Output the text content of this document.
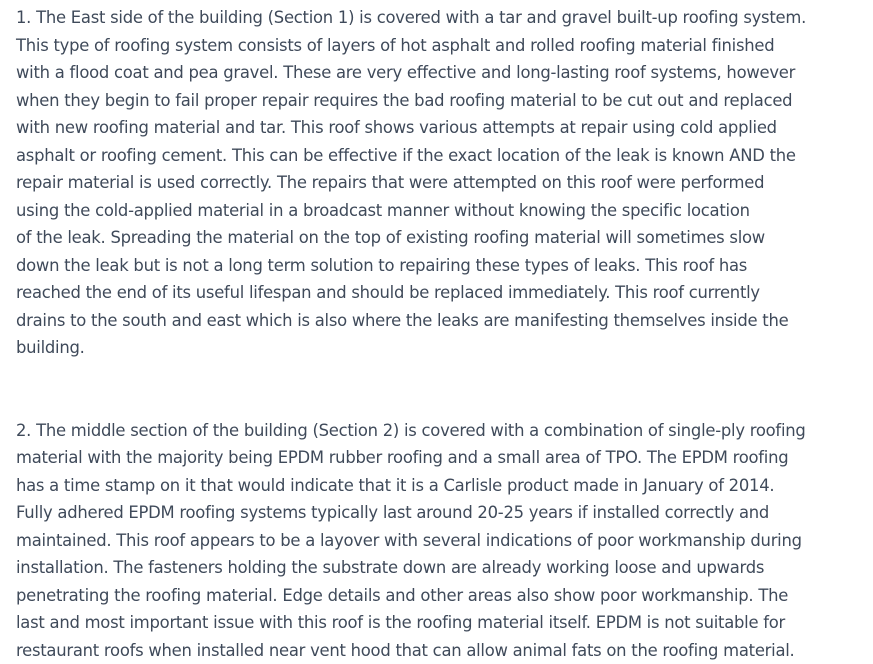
1. The East side of the building (Section 1) is covered with a tar and gravel built-up roofing system.
This type of roofing system consists of layers of hot asphalt and rolled roofing material finished
with a flood coat and pea gravel. These are very effective and long-lasting roof systems, however
when they begin to fail proper repair requires the bad roofing material to be cut out and replaced
with new roofing material and tar. This roof shows various attempts at repair using cold applied
asphalt or roofing cement. This can be effective if the exact location of the leak is known AND the
repair material is used correctly. The repairs that were attempted on this roof were performed
using the cold-applied material in a broadcast manner without knowing the specific location
of the leak. Spreading the material on the top of existing roofing material will sometimes slow
down the leak but is not a long term solution to repairing these types of leaks. This roof has
reached the end of its useful lifespan and should be replaced immediately. This roof currently
drains to the south and east which is also where the leaks are manifesting themselves inside the
building.
2. The middle section of the building (Section 2) is covered with a combination of single-ply roofing
material with the majority being EPDM rubber roofing and a small area of TPO. The EPDM roofing
has a time stamp on it that would indicate that it is a Carlisle product made in January of 2014.
Fully adhered EPDM roofing systems typically last around 20-25 years if installed correctly and
maintained. This roof appears to be a layover with several indications of poor workmanship during
installation. The fasteners holding the substrate down are already working loose and upwards
penetrating the roofing material. Edge details and other areas also show poor workmanship. The
last and most important issue with this roof is the roofing material itself. EPDM is not suitable for
restaurant roofs when installed near vent hood that can allow animal fats on the roofing material.
